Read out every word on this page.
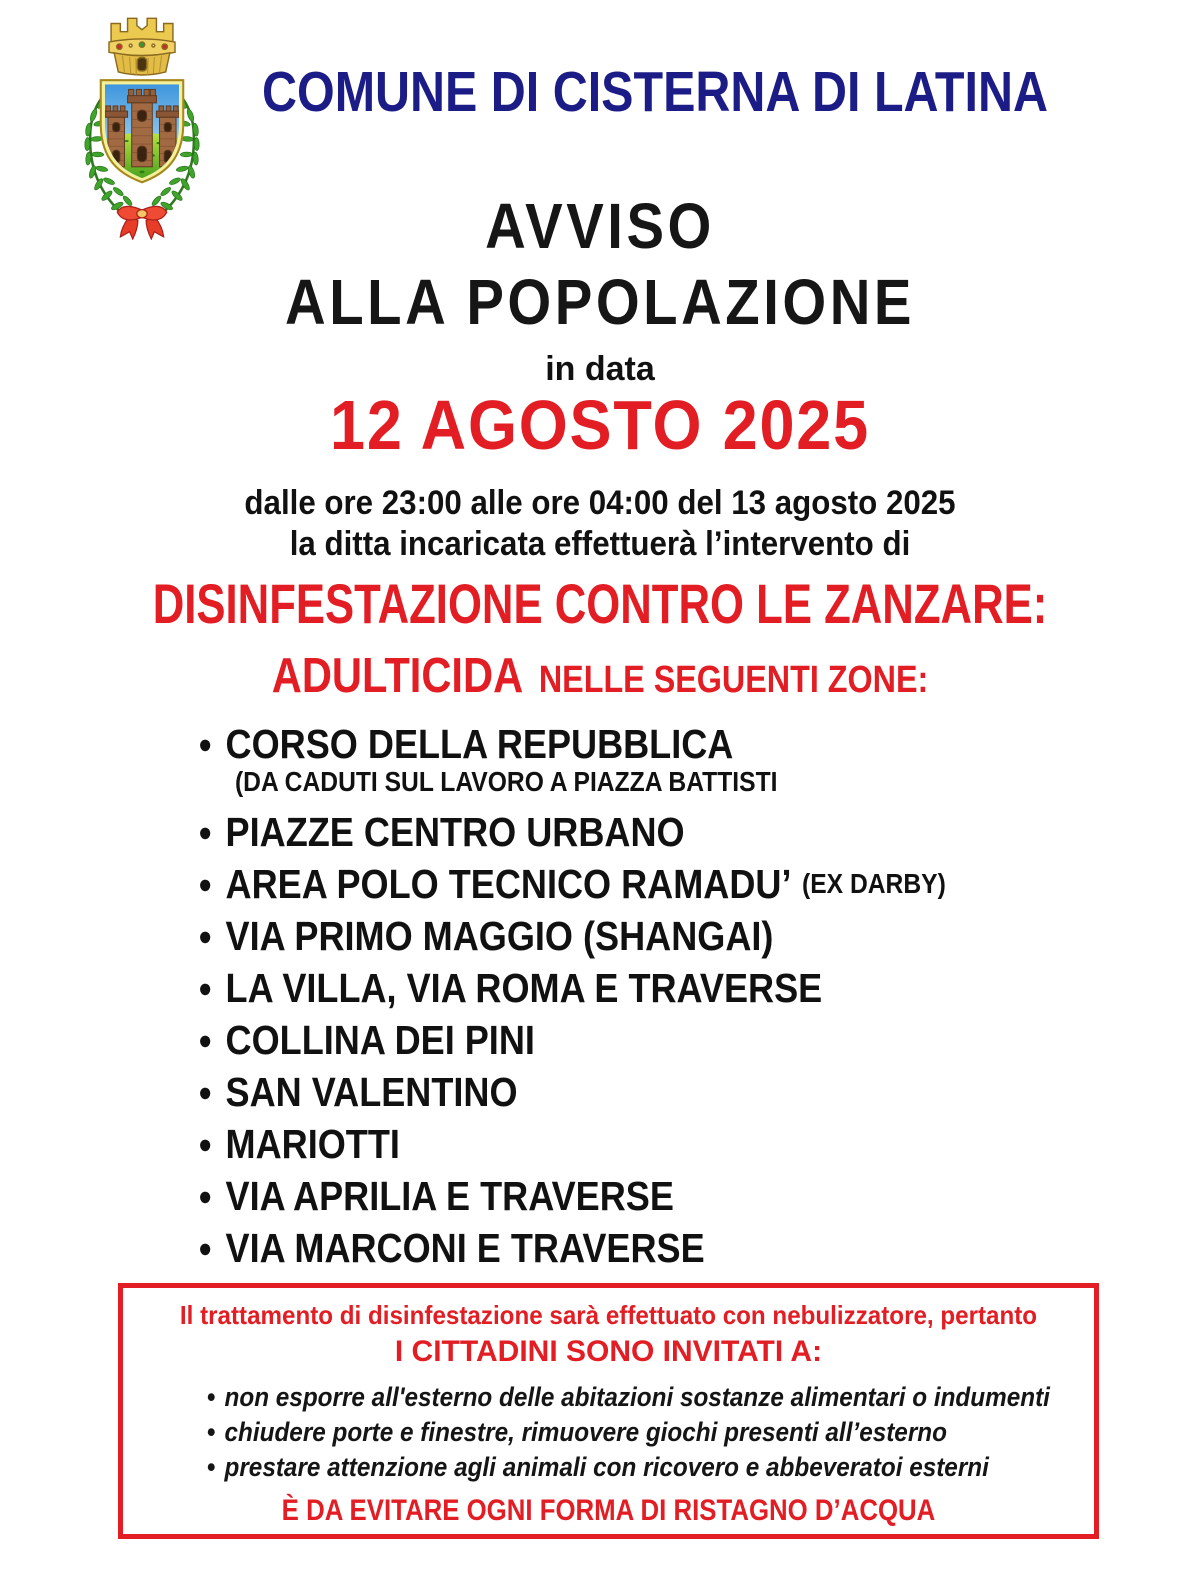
COMUNE DI CISTERNA DI LATINA
AVVISO
ALLA POPOLAZIONE
in data
12 AGOSTO 2025
dalle ore 23:00 alle ore 04:00 del 13 agosto 2025
la ditta incaricata effettuerà l’intervento di
DISINFESTAZIONE CONTRO LE ZANZARE:
ADULTICIDA NELLE SEGUENTI ZONE:
● CORSO DELLA REPUBBLICA
(DA CADUTI SUL LAVORO A PIAZZA BATTISTI
● PIAZZE CENTRO URBANO
● AREA POLO TECNICO RAMADU’ (EX DARBY)
● VIA PRIMO MAGGIO (SHANGAI)
● LA VILLA, VIA ROMA E TRAVERSE
● COLLINA DEI PINI
● SAN VALENTINO
● MARIOTTI
● VIA APRILIA E TRAVERSE
● VIA MARCONI E TRAVERSE
Il trattamento di disinfestazione sarà effettuato con nebulizzatore, pertanto
I CITTADINI SONO INVITATI A:
• non esporre all'esterno delle abitazioni sostanze alimentari o indumenti
• chiudere porte e finestre, rimuovere giochi presenti all’esterno
• prestare attenzione agli animali con ricovero e abbeveratoi esterni
È DA EVITARE OGNI FORMA DI RISTAGNO D’ACQUA
